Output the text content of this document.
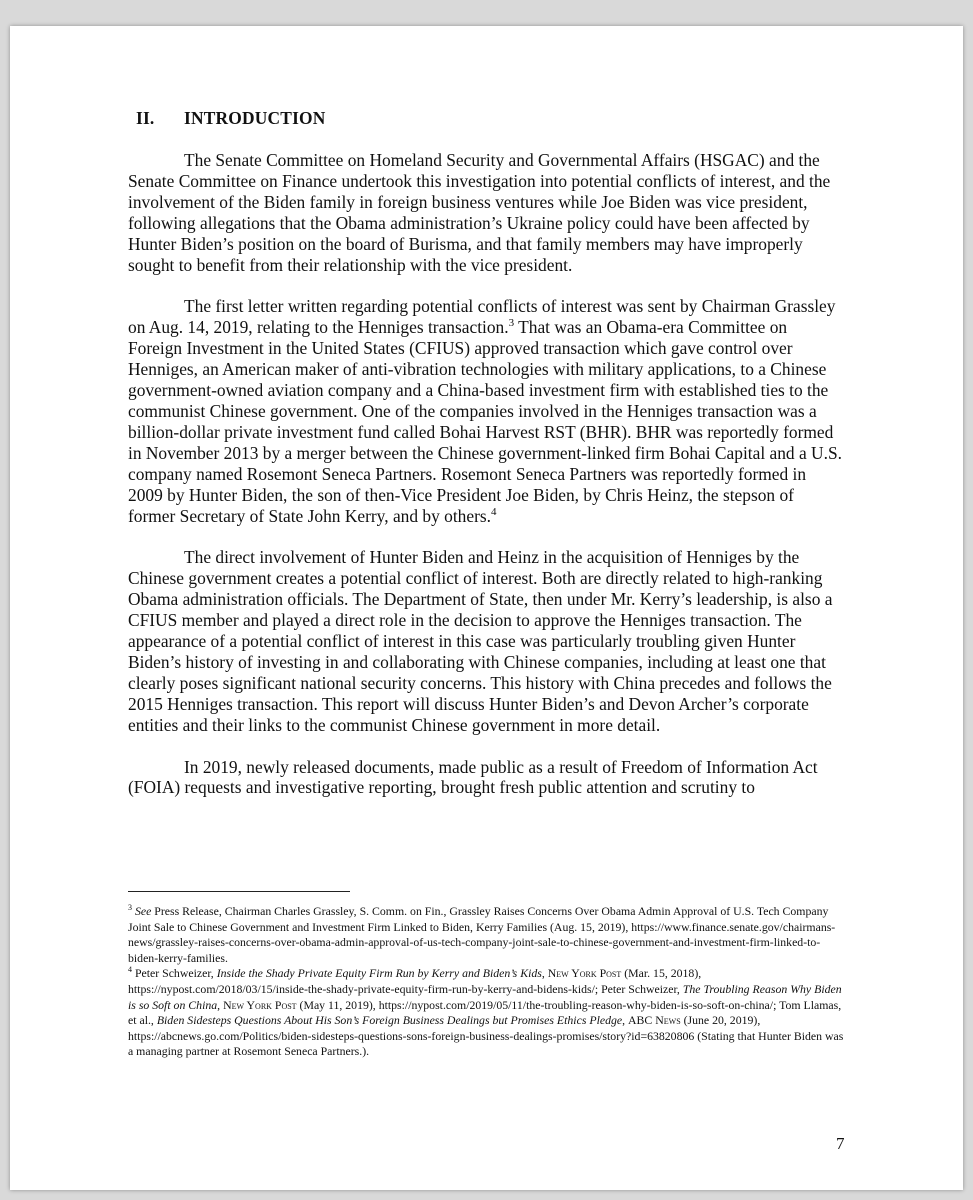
II. INTRODUCTION

The Senate Committee on Homeland Security and Governmental Affairs (HSGAC) and the Senate Committee on Finance undertook this investigation into potential conflicts of interest, and the involvement of the Biden family in foreign business ventures while Joe Biden was vice president, following allegations that the Obama administration’s Ukraine policy could have been affected by Hunter Biden’s position on the board of Burisma, and that family members may have improperly sought to benefit from their relationship with the vice president.

The first letter written regarding potential conflicts of interest was sent by Chairman Grassley on Aug. 14, 2019, relating to the Henniges transaction.$^3$ That was an Obama-era Committee on Foreign Investment in the United States (CFIUS) approved transaction which gave control over Henniges, an American maker of anti-vibration technologies with military applications, to a Chinese government-owned aviation company and a China-based investment firm with established ties to the communist Chinese government. One of the companies involved in the Henniges transaction was a billion-dollar private investment fund called Bohai Harvest RST (BHR). BHR was reportedly formed in November 2013 by a merger between the Chinese government-linked firm Bohai Capital and a U.S. company named Rosemont Seneca Partners. Rosemont Seneca Partners was reportedly formed in 2009 by Hunter Biden, the son of then-Vice President Joe Biden, by Chris Heinz, the stepson of former Secretary of State John Kerry, and by others.$^4$

The direct involvement of Hunter Biden and Heinz in the acquisition of Henniges by the Chinese government creates a potential conflict of interest. Both are directly related to high-ranking Obama administration officials. The Department of State, then under Mr. Kerry’s leadership, is also a CFIUS member and played a direct role in the decision to approve the Henniges transaction. The appearance of a potential conflict of interest in this case was particularly troubling given Hunter Biden’s history of investing in and collaborating with Chinese companies, including at least one that clearly poses significant national security concerns. This history with China precedes and follows the 2015 Henniges transaction. This report will discuss Hunter Biden’s and Devon Archer’s corporate entities and their links to the communist Chinese government in more detail.

In 2019, newly released documents, made public as a result of Freedom of Information Act (FOIA) requests and investigative reporting, brought fresh public attention and scrutiny to

$^3$ See Press Release, Chairman Charles Grassley, S. Comm. on Fin., Grassley Raises Concerns Over Obama Admin Approval of U.S. Tech Company Joint Sale to Chinese Government and Investment Firm Linked to Biden, Kerry Families (Aug. 15, 2019), https://www.finance.senate.gov/chairmans-news/grassley-raises-concerns-over-obama-admin-approval-of-us-tech-company-joint-sale-to-chinese-government-and-investment-firm-linked-to-biden-kerry-families.

$^4$ Peter Schweizer, Inside the Shady Private Equity Firm Run by Kerry and Biden’s Kids, New York Post (Mar. 15, 2018), https://nypost.com/2018/03/15/inside-the-shady-private-equity-firm-run-by-kerry-and-bidens-kids/; Peter Schweizer, The Troubling Reason Why Biden is so Soft on China, New York Post (May 11, 2019), https://nypost.com/2019/05/11/the-troubling-reason-why-biden-is-so-soft-on-china/; Tom Llamas, et al., Biden Sidesteps Questions About His Son’s Foreign Business Dealings but Promises Ethics Pledge, ABC News (June 20, 2019), https://abcnews.go.com/Politics/biden-sidesteps-questions-sons-foreign-business-dealings-promises/story?id=63820806 (Stating that Hunter Biden was a managing partner at Rosemont Seneca Partners.).

7
